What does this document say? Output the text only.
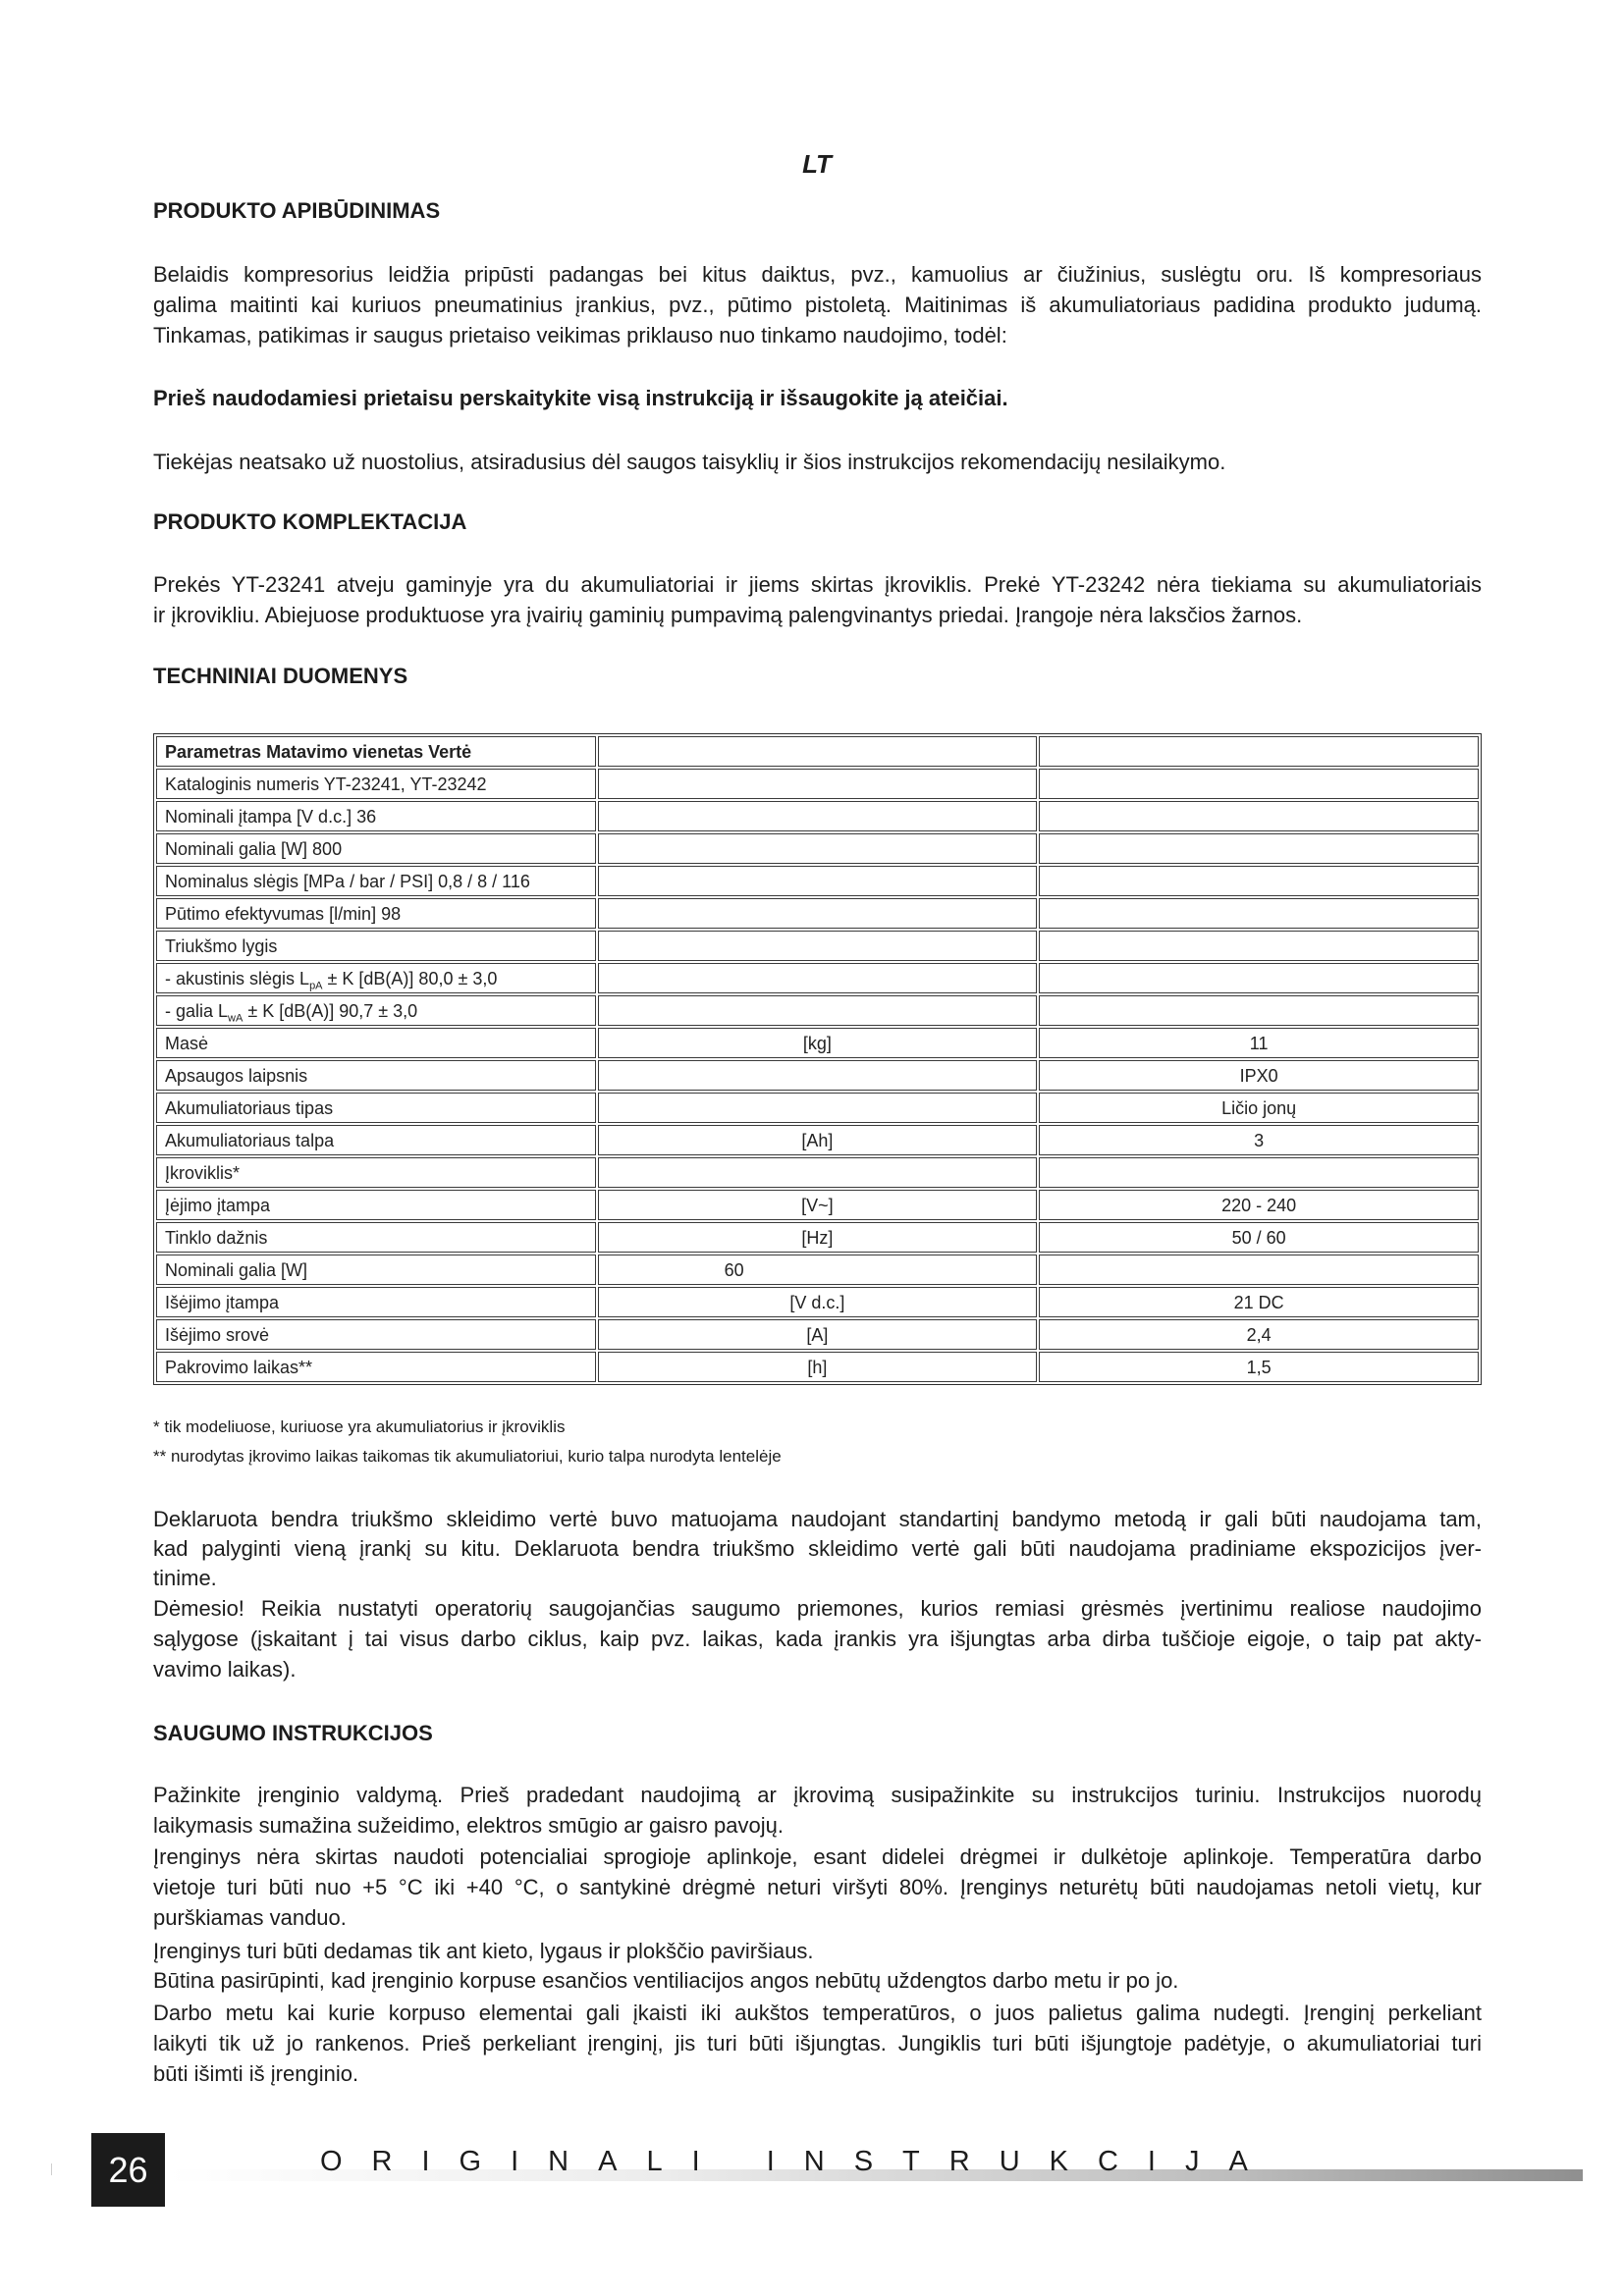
LT
PRODUKTO APIBŪDINIMAS
Belaidis kompresorius leidžia pripūsti padangas bei kitus daiktus, pvz., kamuolius ar čiužinius, suslėgtu oru. Iš kompresoriaus
galima maitinti kai kuriuos pneumatinius įrankius, pvz., pūtimo pistoletą. Maitinimas iš akumuliatoriaus padidina produkto judumą.
Tinkamas, patikimas ir saugus prietaiso veikimas priklauso nuo tinkamo naudojimo, todėl:
Prieš naudodamiesi prietaisu perskaitykite visą instrukciją ir išsaugokite ją ateičiai.
Tiekėjas neatsako už nuostolius, atsiradusius dėl saugos taisyklių ir šios instrukcijos rekomendacijų nesilaikymo.
PRODUKTO KOMPLEKTACIJA
Prekės YT-23241 atveju gaminyje yra du akumuliatoriai ir jiems skirtas įkroviklis. Prekė YT-23242 nėra tiekiama su akumuliatoriais
ir įkrovikliu. Abiejuose produktuose yra įvairių gaminių pumpavimą palengvinantys priedai. Įrangoje nėra laksčios žarnos.
TECHNINIAI DUOMENYS
Parametras Matavimo vienetas Vertė		
Kataloginis numeris YT-23241, YT-23242		
Nominali įtampa [V d.c.] 36		
Nominali galia [W] 800		
Nominalus slėgis [MPa / bar / PSI] 0,8 / 8 / 116		
Pūtimo efektyvumas [l/min] 98		
Triukšmo lygis		
- akustinis slėgis $L_{pA} \pm K$ [dB(A)] 80,0 ± 3,0		
- galia $L_{wA} \pm K$ [dB(A)] 90,7 ± 3,0		
Masė	[kg]	11
Apsaugos laipsnis		IPX0
Akumuliatoriaus tipas		Ličio jonų
Akumuliatoriaus talpa	[Ah]	3
Įkroviklis*		
Įėjimo įtampa	[V~]	220 - 240
Tinklo dažnis	[Hz]	50 / 60
Nominali galia [W]	60	
Išėjimo įtampa	[V d.c.]	21 DC
Išėjimo srovė	[A]	2,4
Pakrovimo laikas**	[h]	1,5
* tik modeliuose, kuriuose yra akumuliatorius ir įkroviklis
** nurodytas įkrovimo laikas taikomas tik akumuliatoriui, kurio talpa nurodyta lentelėje
Deklaruota bendra triukšmo skleidimo vertė buvo matuojama naudojant standartinį bandymo metodą ir gali būti naudojama tam,
kad palyginti vieną įrankį su kitu. Deklaruota bendra triukšmo skleidimo vertė gali būti naudojama pradiniame ekspozicijos įver-
tinime.
Dėmesio! Reikia nustatyti operatorių saugojančias saugumo priemones, kurios remiasi grėsmės įvertinimu realiose naudojimo
sąlygose (įskaitant į tai visus darbo ciklus, kaip pvz. laikas, kada įrankis yra išjungtas arba dirba tuščioje eigoje, o taip pat akty-
vavimo laikas).
SAUGUMO INSTRUKCIJOS
Pažinkite įrenginio valdymą. Prieš pradedant naudojimą ar įkrovimą susipažinkite su instrukcijos turiniu. Instrukcijos nuorodų
laikymasis sumažina sužeidimo, elektros smūgio ar gaisro pavojų.
Įrenginys nėra skirtas naudoti potencialiai sprogioje aplinkoje, esant didelei drėgmei ir dulkėtoje aplinkoje. Temperatūra darbo
vietoje turi būti nuo +5 °C iki +40 °C, o santykinė drėgmė neturi viršyti 80%. Įrenginys neturėtų būti naudojamas netoli vietų, kur
purškiamas vanduo.
Įrenginys turi būti dedamas tik ant kieto, lygaus ir plokščio paviršiaus.
Būtina pasirūpinti, kad įrenginio korpuse esančios ventiliacijos angos nebūtų uždengtos darbo metu ir po jo.
Darbo metu kai kurie korpuso elementai gali įkaisti iki aukštos temperatūros, o juos palietus galima nudegti. Įrenginį perkeliant
laikyti tik už jo rankenos. Prieš perkeliant įrenginį, jis turi būti išjungtas. Jungiklis turi būti išjungtoje padėtyje, o akumuliatoriai turi
būti išimti iš įrenginio.
26	ORIGINALI INSTRUKCIJA
